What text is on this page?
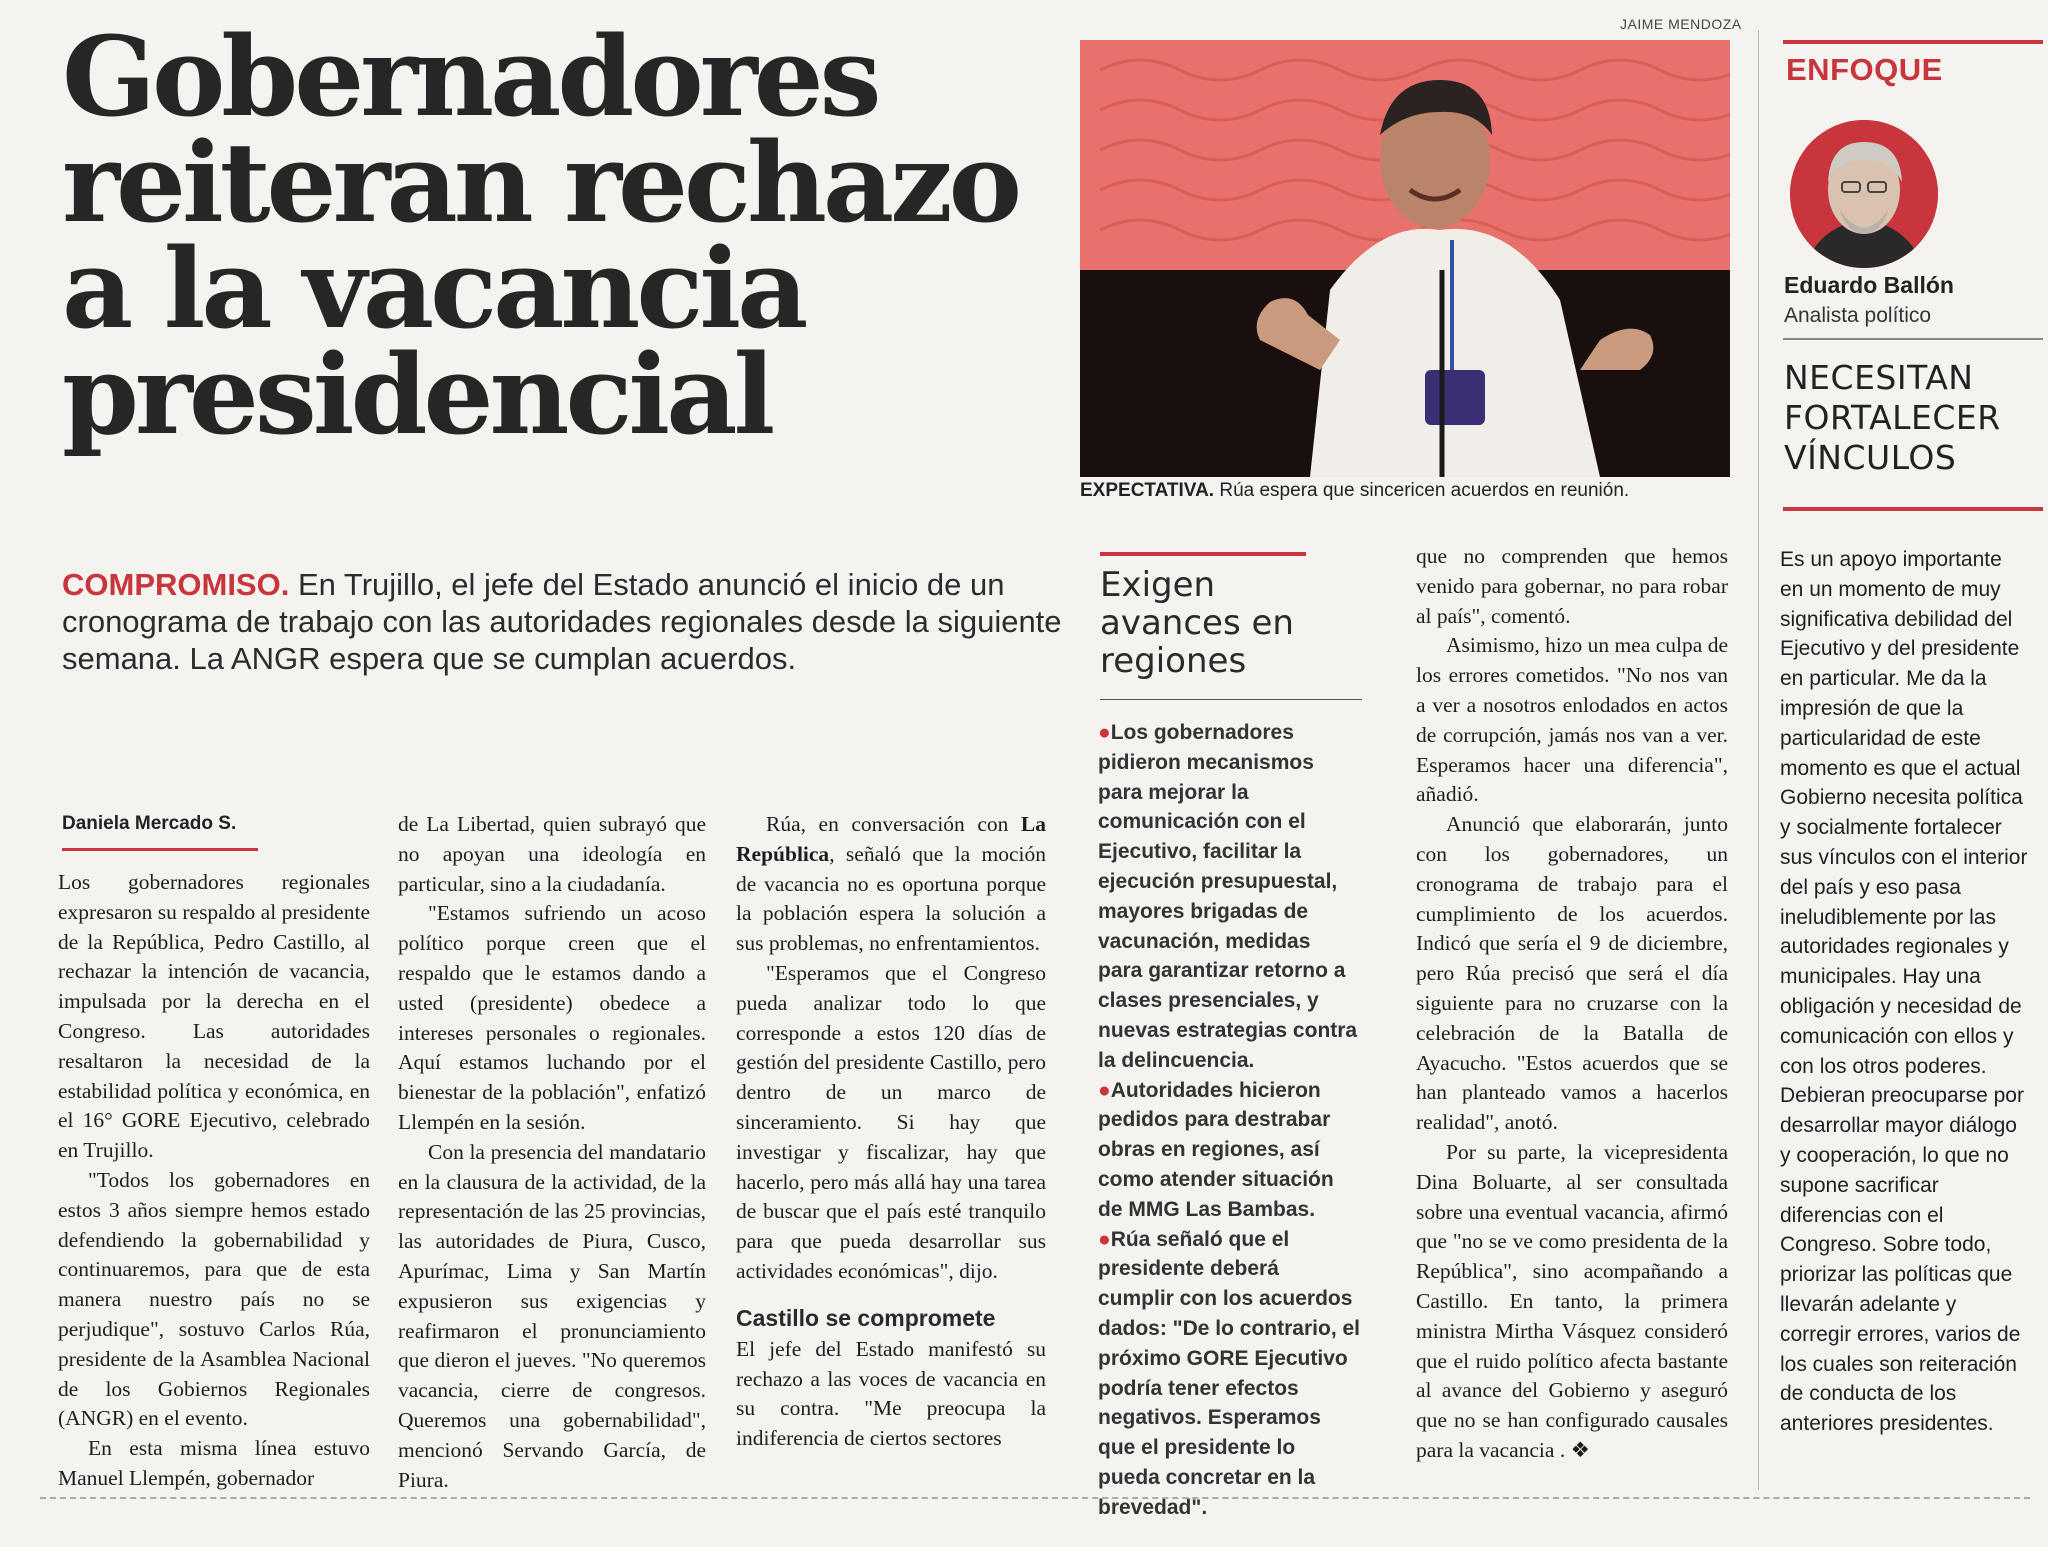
Gobernadores
reiteran rechazo
a la vacancia
presidencial
JAIME MENDOZA
EXPECTATIVA. Rúa espera que sinc​ericen acuerdos en reunión.
ENFOQUE
Eduardo Ballón
Analista político
NECESITAN FORTALECER VÍNCULOS
Es un apoyo importante en un momento de muy significativa debilidad del Ejecutivo y del presidente en particular. Me da la impresión de que la particularidad de este momento es que el actual Gobierno necesita política y socialmente fortalecer sus vínculos con el interior del país y eso pasa ineludiblemente por las autoridades regionales y municipales. Hay una obligación y necesidad de comunicación con ellos y con los otros poderes. Debieran preocuparse por desarrollar mayor diálogo y cooperación, lo que no supone sacrificar diferencias con el Congreso. Sobre todo, priorizar las políticas que llevarán adelante y corregir errores, varios de los cuales son reiteración de conducta de los anteriores presidentes.

COMPROMISO. En Trujillo, el jefe del Estado anunció el inicio de un cronograma de trabajo con las autoridades regionales desde la siguiente semana. La ANGR espera que se cumplan acuerdos.

Daniela Mercado S.

Los gobernadores regionales expresaron su respaldo al presidente de la República, Pedro Castillo, al rechazar la intención de vacancia, impulsada por la derecha en el Congreso. Las autoridades resaltaron la necesidad de la estabilidad política y económica, en el 16° GORE Ejecutivo, celebrado en Trujillo.

"Todos los gobernadores en estos 3 años siempre hemos estado defendiendo la gobernabilidad y continuaremos, para que de esta manera nuestro país no se perjudique", sostuvo Carlos Rúa, presidente de la Asamblea Nacional de los Gobiernos Regionales (ANGR) en el evento.

En esta misma línea estuvo Manuel Llempén, gobernador

de La Libertad, quien subrayó que no apoyan una ideología en particular, sino a la ciudadanía.

"Estamos sufriendo un acoso político porque creen que el respaldo que le estamos dando a usted (presidente) obedece a intereses personales o regionales. Aquí estamos luchando por el bienestar de la población", enfatizó Llempén en la sesión.

Con la presencia del mandatario en la clausura de la actividad, de la representación de las 25 provincias, las autoridades de Piura, Cusco, Apurímac, Lima y San Martín expusieron sus exigencias y reafirmaron el pronunciamiento que dieron el jueves. "No queremos vacancia, cierre de congresos. Queremos una gobernabilidad", mencionó Servando García, de Piura.

Rúa, en conversación con La República, señaló que la moción de vacancia no es oportuna porque la población espera la solución a sus problemas, no enfrentamientos.

"Esperamos que el Congreso pueda analizar todo lo que corresponde a estos 120 días de gestión del presidente Castillo, pero dentro de un marco de sinceramiento. Si hay que investigar y fiscalizar, hay que hacerlo, pero más allá hay una tarea de buscar que el país esté tranquilo para que pueda desarrollar sus actividades económicas", dijo.

Castillo se compromete

El jefe del Estado manifestó su rechazo a las voces de vacancia en su contra. "Me preocupa la indiferencia de ciertos sectores

Exigen avances en regiones
●Los gobernadores pidieron mecanismos para mejorar la comunicación con el Ejecutivo, facilitar la ejecución presupuestal, mayores brigadas de vacunación, medidas para garantizar retorno a clases presenciales, y nuevas estrategias contra la delincuencia.
●Autoridades hicieron pedidos para destrabar obras en regiones, así como atender situación de MMG Las Bambas.
●Rúa señaló que el presidente deberá cumplir con los acuerdos dados: "De lo contrario, el próximo GORE Ejecutivo podría tener efectos negativos. Esperamos que el presidente lo pueda concretar en la brevedad".

que no comprenden que hemos venido para gobernar, no para robar al país", comentó.

Asimismo, hizo un mea culpa de los errores cometidos. "No nos van a ver a nosotros enlodados en actos de corrupción, jamás nos van a ver. Esperamos hacer una diferencia", añadió.

Anunció que elaborarán, junto con los gobernadores, un cronograma de trabajo para el cumplimiento de los acuerdos. Indicó que sería el 9 de diciembre, pero Rúa precisó que será el día siguiente para no cruzarse con la celebración de la Batalla de Ayacucho. "Estos acuerdos que se han planteado vamos a hacerlos realidad", anotó.

Por su parte, la vicepresidenta Dina Boluarte, al ser consultada sobre una eventual vacancia, afirmó que "no se ve como presidenta de la República", sino acompañando a Castillo. En tanto, la primera ministra Mirtha Vásquez consideró que el ruido político afecta bastante al avance del Gobierno y aseguró que no se han configurado causales para la vacancia . ❖
